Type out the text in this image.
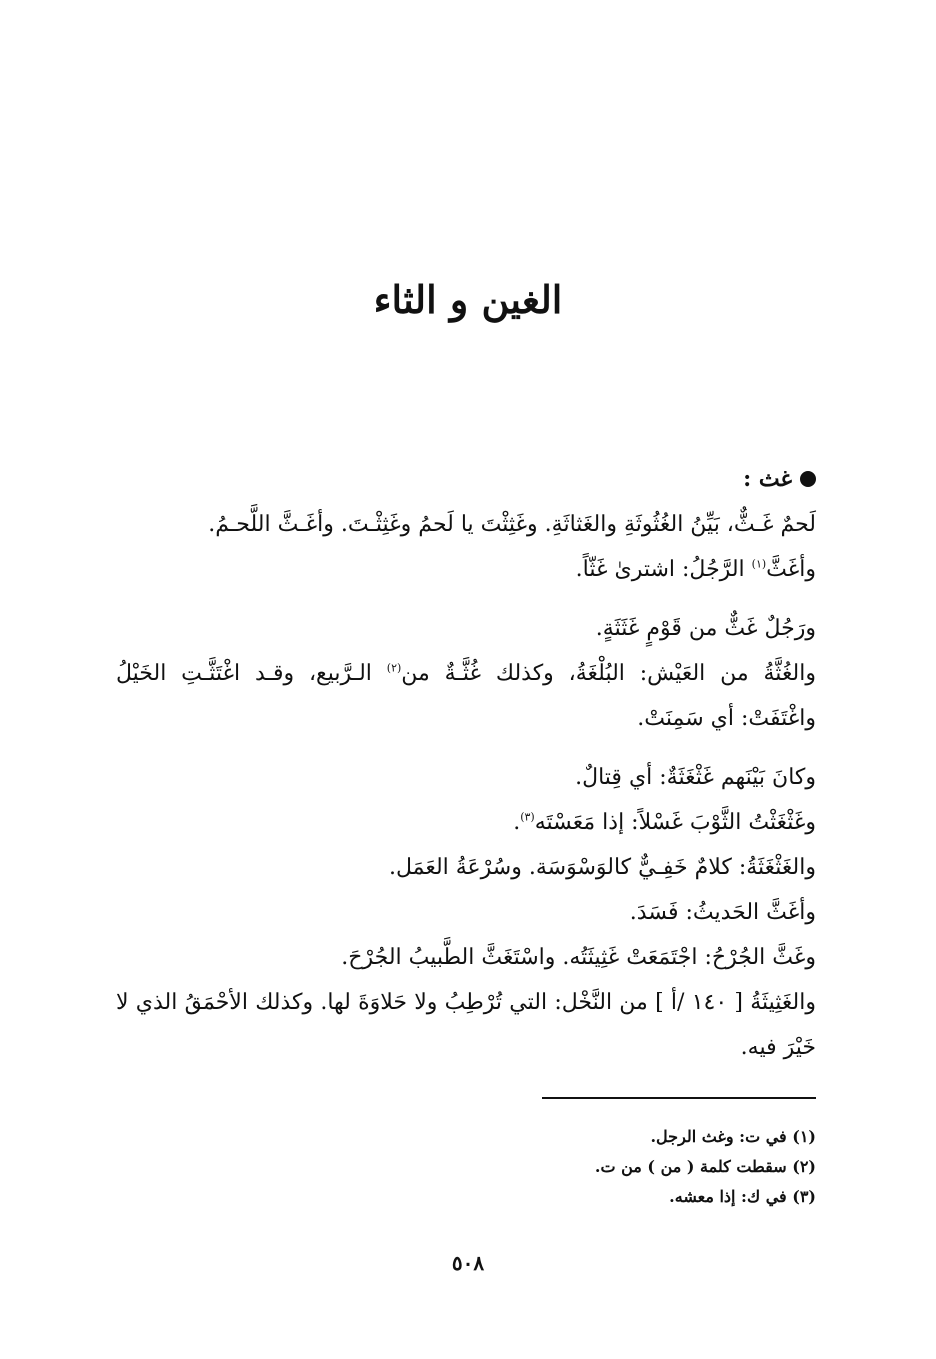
الغين و الثاء
غث :

لَحمٌ غَـثٌّ، بَيِّنُ الغُثُوثَةِ والغَثاثَةِ. وغَثِثْتَ يا لَحمُ وغَثِثْـتَ. وأغَـثَّ اللَّحـمُ.

وأغَثَّ$^{(١)}$ الرَّجُلُ: اشترىٰ غَثّاً.

ورَجُلٌ غَثٌّ من قَوْمٍ غَثَثَةٍ.

والغُثَّةُ من العَيْش: البُلْغَةُ، وكذلك غُثَّـةٌ من$^{(٢)}$ الـرَّبيع، وقـد اغْتَثَّـتِ الخَيْلُ واغْتَفَتْ: أي سَمِنَتْ.

وكانَ بَيْنَهم غَثْغَثَةٌ: أي قِتالٌ.

وغَثْغَثْتُ الثَّوْبَ غَسْلاً: إذا مَعَسْتَه$^{(٣)}$.

والغَثْغَثَةُ: كلامٌ خَفِـيٌّ كالوَسْوَسَة. وسُرْعَةُ العَمَل.

وأغَثَّ الحَديثُ: فَسَدَ.

وغَثَّ الجُرْحُ: اجْتَمَعَتْ غَثِيثَتُه. واسْتَغَثَّ الطَّبيبُ الجُرْحَ.

والغَثِيثَةُ [ ١٤٠ /أ ] من النَّخْل: التي تُرْطِبُ ولا حَلاوَةَ لها. وكذلك الأحْمَقُ الذي لا خَيْرَ فيه.

(١) في ت: وغث الرجل.
(٢) سقطت كلمة ( من ) من ت.
(٣) في ك: إذا معشه.
٥٠٨
